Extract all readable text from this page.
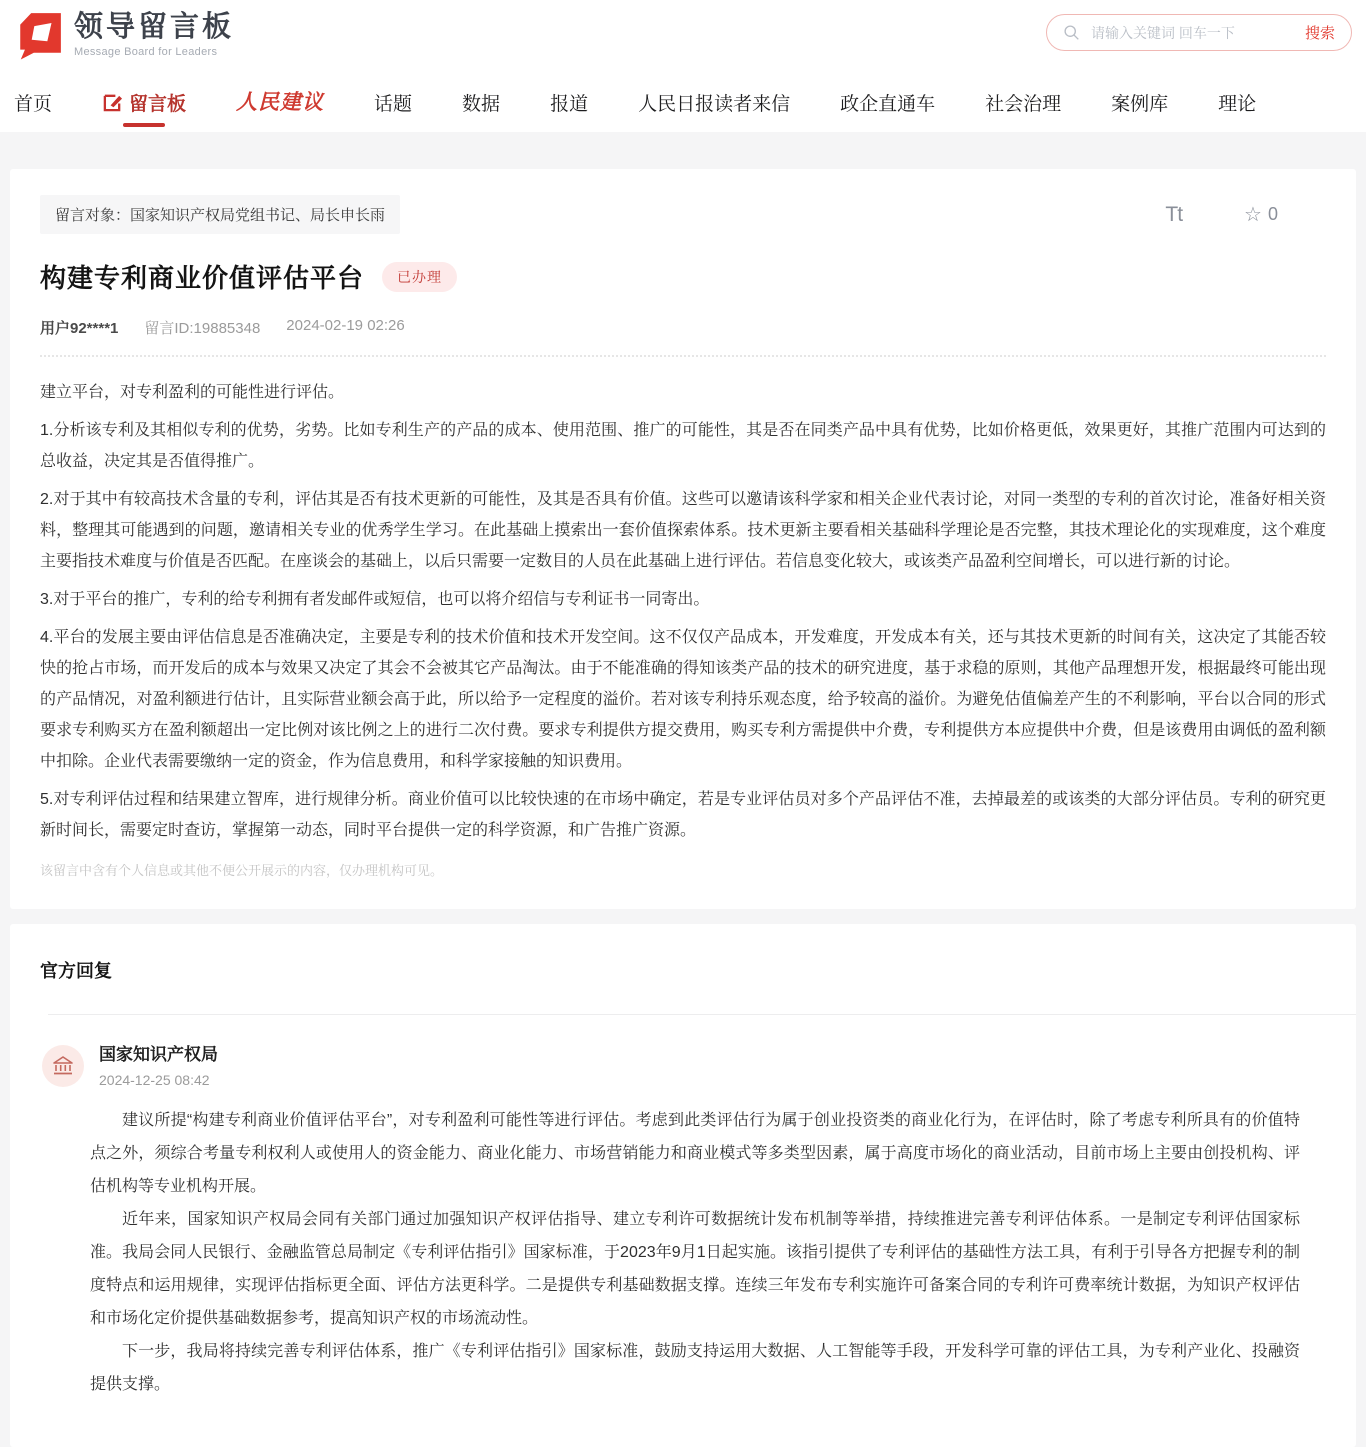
领导留言板
Message Board for Leaders
请输入关键词 回车一下
搜索
首页	留言板 人民建议	话题	数据	报道	人民日报读者来信	政企直通车	社会治理	案例库	理论
留言对象：国家知识产权局党组书记、局长申长雨	Tt	☆ 0
构建专利商业价值评估平台	已办理
用户92****1 留言ID:19885348 2024-02-19 02:26

建立平台，对专利盈利的可能性进行评估。

1.分析该专利及其相似专利的优势，劣势。比如专利生产的产品的成本、使用范围、推广的可能性，其是否在同类产品中具有优势，比如价格更低，效果更好，其推广范围内可达到的总收益，决定其是否值得推广。

2.对于其中有较高技术含量的专利，评估其是否有技术更新的可能性，及其是否具有价值。这些可以邀请该科学家和相关企业代表讨论，对同一类型的专利的首次讨论，准备好相关资料，整理其可能遇到的问题，邀请相关专业的优秀学生学习。在此基础上摸索出一套价值探索体系。技术更新主要看相关基础科学理论是否完整，其技术理论化的实现难度，这个难度主要指技术难度与价值是否匹配。在座谈会的基础上，以后只需要一定数目的人员在此基础上进行评估。若信息变化较大，或该类产品盈利空间增长，可以进行新的讨论。

3.对于平台的推广，专利的给专利拥有者发邮件或短信，也可以将介绍信与专利证书一同寄出。

4.平台的发展主要由评估信息是否准确决定，主要是专利的技术价值和技术开发空间。这不仅仅产品成本，开发难度，开发成本有关，还与其技术更新的时间有关，这决定了其能否较快的抢占市场，而开发后的成本与效果又决定了其会不会被其它产品淘汰。由于不能准确的得知该类产品的技术的研究进度，基于求稳的原则，其他产品理想开发，根据最终可能出现的产品情况，对盈利额进行估计，且实际营业额会高于此，所以给予一定程度的溢价。若对该专利持乐观态度，给予较高的溢价。为避免估值偏差产生的不利影响，平台以合同的形式要求专利购买方在盈利额超出一定比例对该比例之上的进行二次付费。要求专利提供方提交费用，购买专利方需提供中介费，专利提供方本应提供中介费，但是该费用由调低的盈利额中扣除。企业代表需要缴纳一定的资金，作为信息费用，和科学家接触的知识费用。

5.对专利评估过程和结果建立智库，进行规律分析。商业价值可以比较快速的在市场中确定，若是专业评估员对多个产品评估不准，去掉最差的或该类的大部分评估员。专利的研究更新时间长，需要定时查访，掌握第一动态，同时平台提供一定的科学资源，和广告推广资源。

该留言中含有个人信息或其他不便公开展示的内容，仅办理机构可见。
官方回复
国家知识产权局
2024-12-25 08:42

建议所提“构建专利商业价值评估平台”，对专利盈利可能性等进行评估。考虑到此类评估行为属于创业投资类的商业化行为，在评估时，除了考虑专利所具有的价值特点之外，须综合考量专利权利人或使用人的资金能力、商业化能力、市场营销能力和商业模式等多类型因素，属于高度市场化的商业活动，目前市场上主要由创投机构、评估机构等专业机构开展。

近年来，国家知识产权局会同有关部门通过加强知识产权评估指导、建立专利许可数据统计发布机制等举措，持续推进完善专利评估体系。一是制定专利评估国家标准。我局会同人民银行、金融监管总局制定《专利评估指引》国家标准，于2023年9月1日起实施。该指引提供了专利评估的基础性方法工具，有利于引导各方把握专利的制度特点和运用规律，实现评估指标更全面、评估方法更科学。二是提供专利基础数据支撑。连续三年发布专利实施许可备案合同的专利许可费率统计数据，为知识产权评估和市场化定价提供基础数据参考，提高知识产权的市场流动性。

下一步，我局将持续完善专利评估体系，推广《专利评估指引》国家标准，鼓励支持运用大数据、人工智能等手段，开发科学可靠的评估工具，为专利产业化、投融资提供支撑。
